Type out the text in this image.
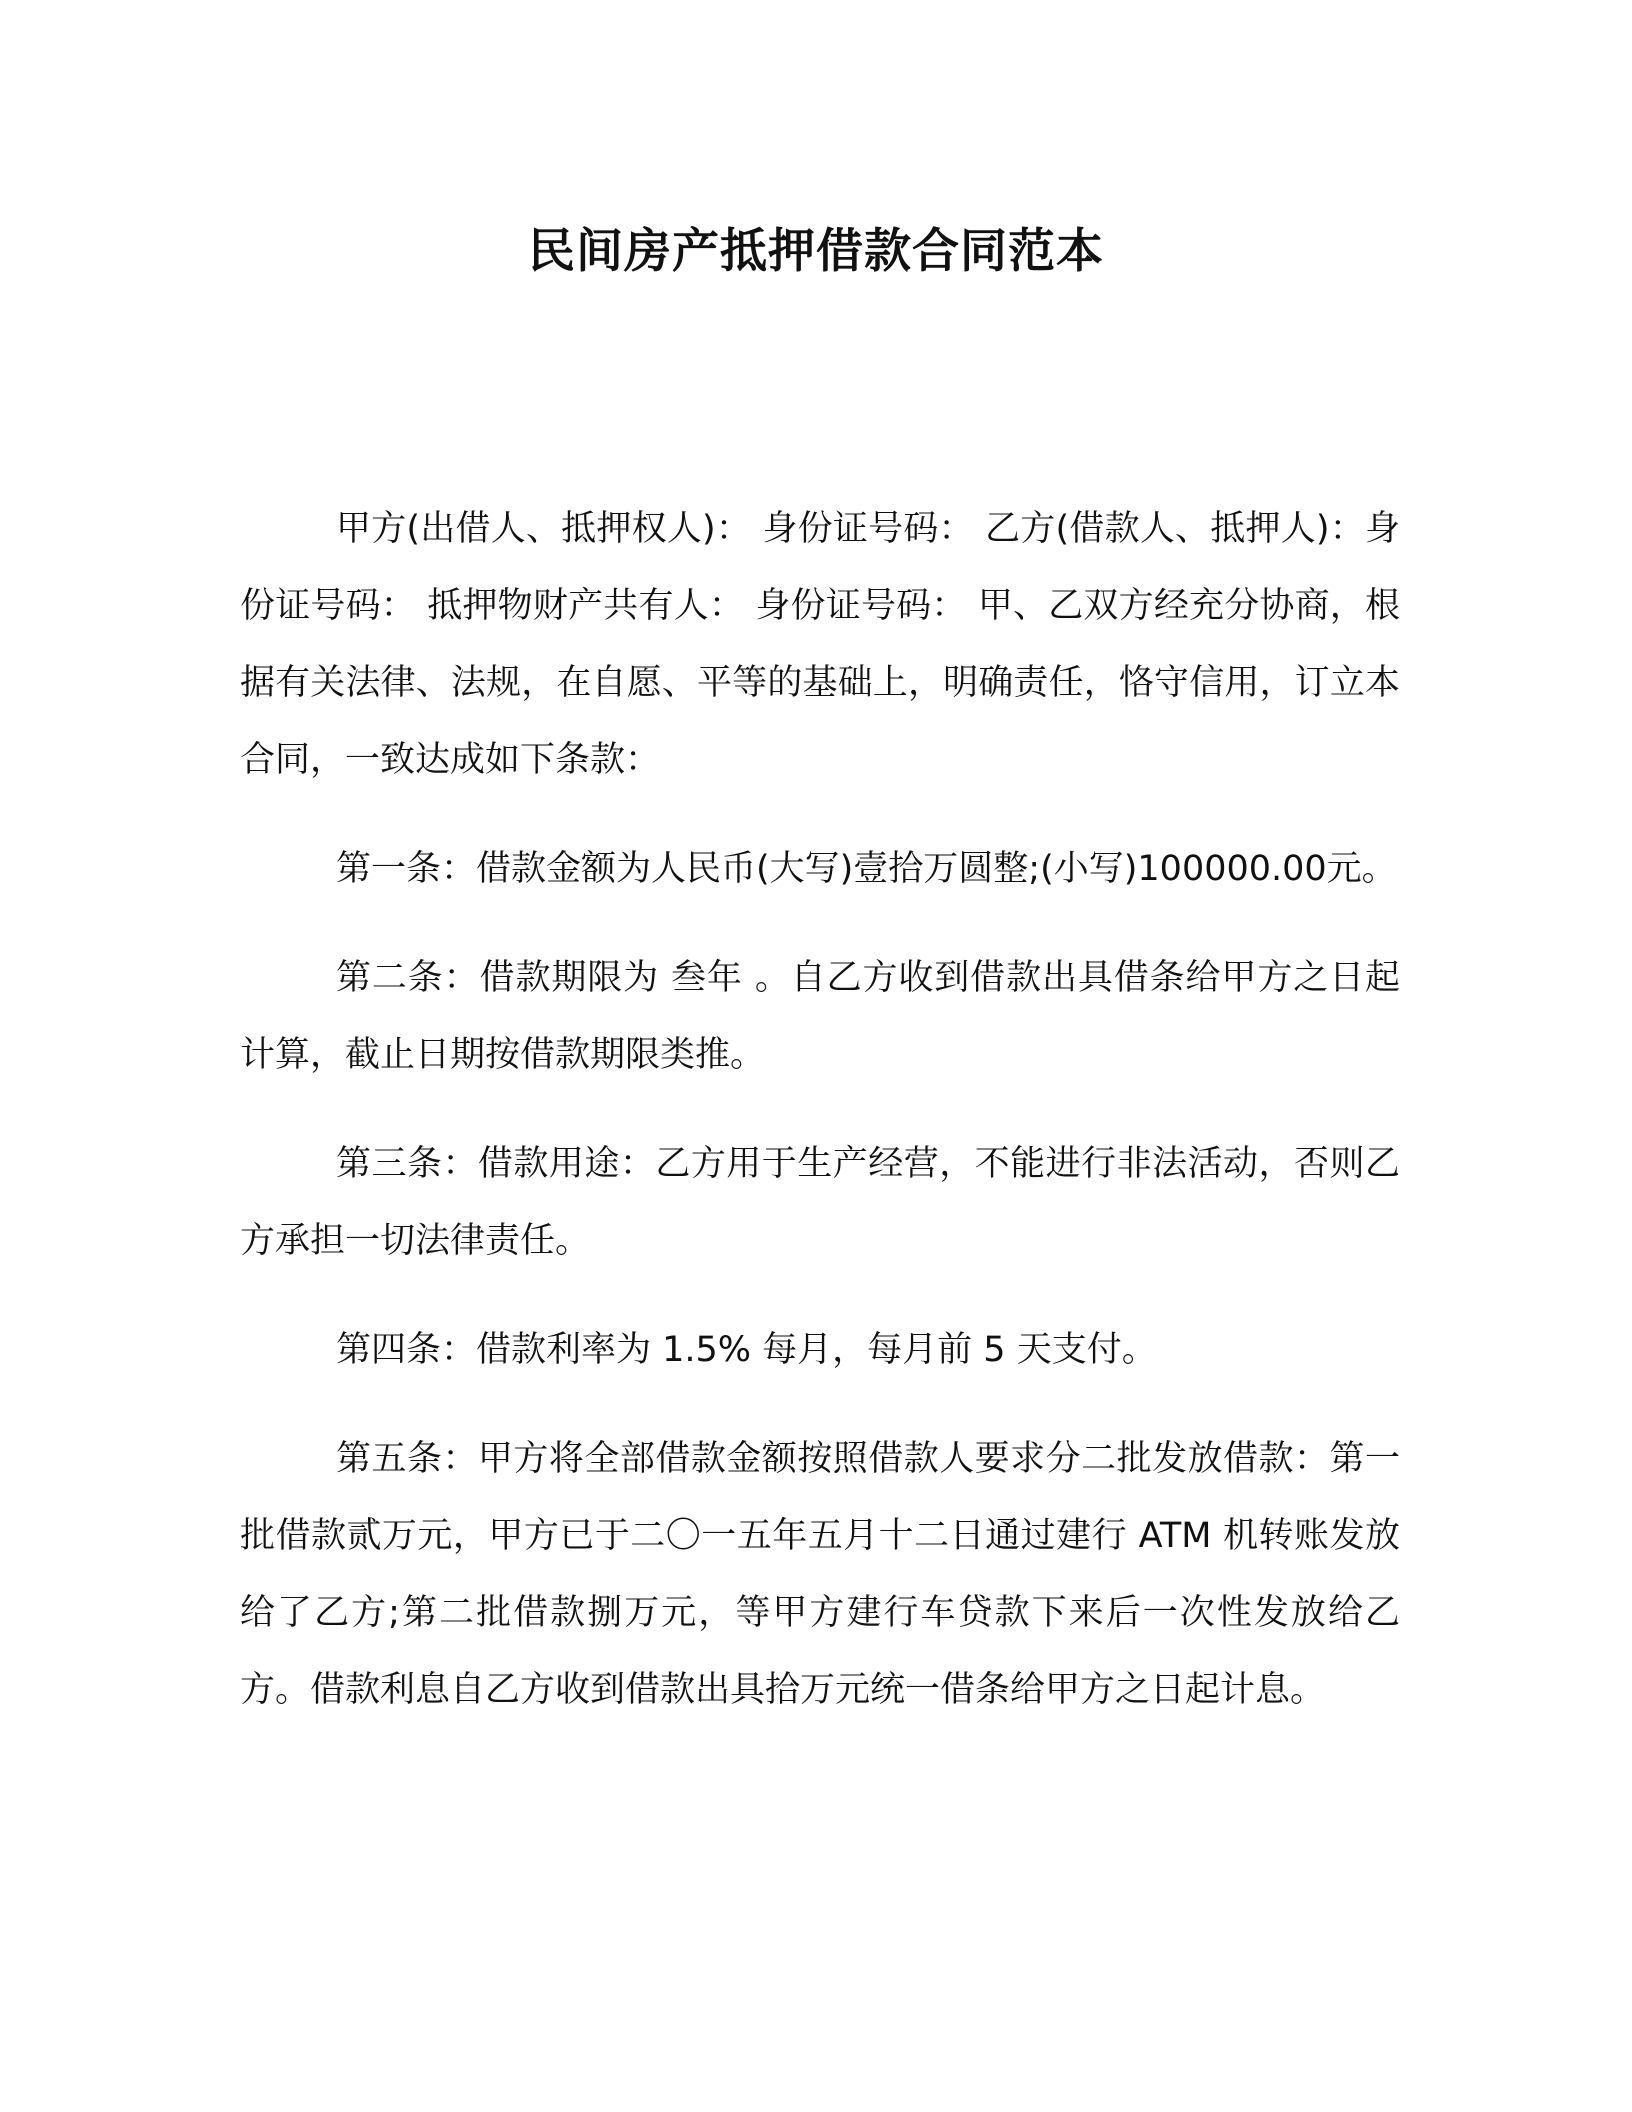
民间房产抵押借款合同范本

甲方(出借人、抵押权人)： 身份证号码： 乙方(借款人、抵押人)：身份证号码： 抵押物财产共有人： 身份证号码： 甲、乙双方经充分协商，根据有关法律、法规，在自愿、平等的基础上，明确责任，恪守信用，订立本合同，一致达成如下条款：

第一条：借款金额为人民币(大写)壹拾万圆整;(小写)100000.00元。

第二条：借款期限为 叁年 。自乙方收到借款出具借条给甲方之日起计算，截止日期按借款期限类推。

第三条：借款用途：乙方用于生产经营，不能进行非法活动，否则乙方承担一切法律责任。

第四条：借款利率为 1.5% 每月，每月前 5 天支付。

第五条：甲方将全部借款金额按照借款人要求分二批发放借款：第一批借款贰万元，甲方已于二〇一五年五月十二日通过建行 ATM 机转账发放给了乙方;第二批借款捌万元，等甲方建行车贷款下来后一次性发放给乙方。借款利息自乙方收到借款出具拾万元统一借条给甲方之日起计息。
